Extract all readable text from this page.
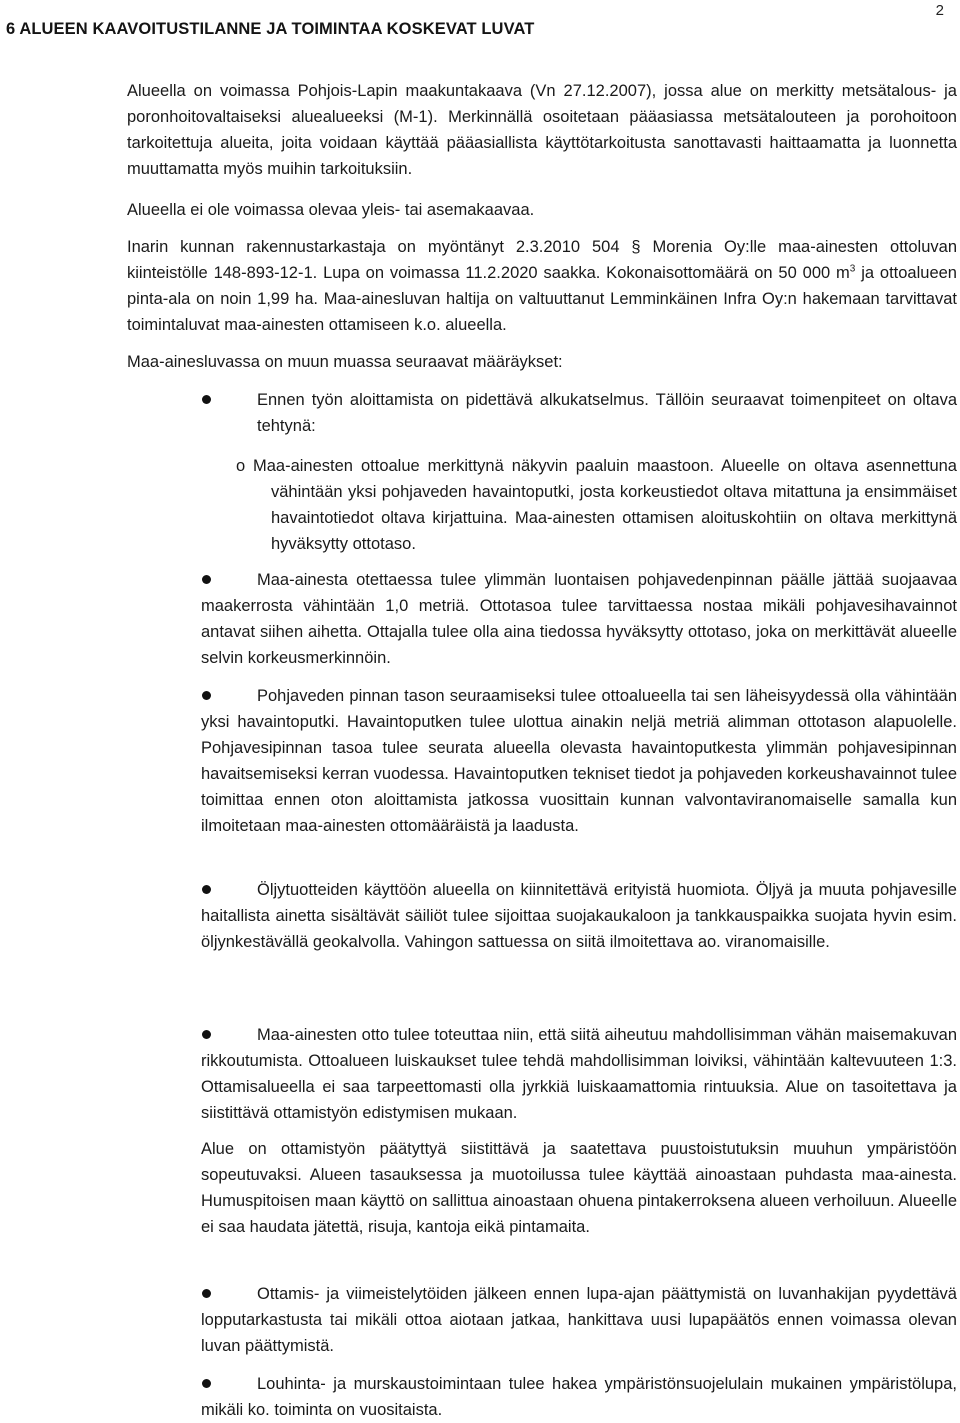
2
6 ALUEEN KAAVOITUSTILANNE JA TOIMINTAA KOSKEVAT LUVAT
Alueella on voimassa Pohjois-Lapin maakuntakaava (Vn 27.12.2007), jossa alue on merkitty metsätalous- ja poronhoitovaltaiseksi aluealueeksi (M-1). Merkinnällä osoitetaan pääasiassa metsätalouteen ja porohoitoon tarkoitettuja alueita, joita voidaan käyttää pääasiallista käyttötarkoitusta sanottavasti haittaamatta ja luonnetta muuttamatta myös muihin tarkoituksiin.
Alueella ei ole voimassa olevaa yleis- tai asemakaavaa.
Inarin kunnan rakennustarkastaja on myöntänyt 2.3.2010 504 § Morenia Oy:lle maa-ainesten ottoluvan kiinteistölle 148-893-12-1. Lupa on voimassa 11.2.2020 saakka. Kokonaisottomäärä on 50 000 $m^3$ ja ottoalueen pinta-ala on noin 1,99 ha. Maa-ainesluvan haltija on valtuuttanut Lemminkäinen Infra Oy:n hakemaan tarvittavat toimintaluvat maa-ainesten ottamiseen k.o. alueella.
Maa-ainesluvassa on muun muassa seuraavat määräykset:
Ennen työn aloittamista on pidettävä alkukatselmus. Tällöin seuraavat toimenpiteet on oltava tehtynä:
o Maa-ainesten ottoalue merkittynä näkyvin paaluin maastoon. Alueelle on oltava asennettuna vähintään yksi pohjaveden havaintoputki, josta korkeustiedot oltava mitattuna ja ensimmäiset havaintotiedot oltava kirjattuina. Maa-ainesten ottamisen aloituskohtiin on oltava merkittynä hyväksytty ottotaso.
Maa-ainesta otettaessa tulee ylimmän luontaisen pohjavedenpinnan päälle jättää suojaavaa maakerrosta vähintään 1,0 metriä. Ottotasoa tulee tarvittaessa nostaa mikäli pohjavesihavainnot antavat siihen aihetta. Ottajalla tulee olla aina tiedossa hyväksytty ottotaso, joka on merkittävät alueelle selvin korkeusmerkinnöin.
Pohjaveden pinnan tason seuraamiseksi tulee ottoalueella tai sen läheisyydessä olla vähintään yksi havaintoputki. Havaintoputken tulee ulottua ainakin neljä metriä alimman ottotason alapuolelle. Pohjavesipinnan tasoa tulee seurata alueella olevasta havaintoputkesta ylimmän pohjavesipinnan havaitsemiseksi kerran vuodessa. Havaintoputken tekniset tiedot ja pohjaveden korkeushavainnot tulee toimittaa ennen oton aloittamista jatkossa vuosittain kunnan valvontaviranomaiselle samalla kun ilmoitetaan maa-ainesten ottomääräistä ja laadusta.
Öljytuotteiden käyttöön alueella on kiinnitettävä erityistä huomiota. Öljyä ja muuta pohjavesille haitallista ainetta sisältävät säiliöt tulee sijoittaa suojakaukaloon ja tankkauspaikka suojata hyvin esim. öljynkestävällä geokalvolla. Vahingon sattuessa on siitä ilmoitettava ao. viranomaisille.
Maa-ainesten otto tulee toteuttaa niin, että siitä aiheutuu mahdollisimman vähän maisemakuvan rikkoutumista. Ottoalueen luiskaukset tulee tehdä mahdollisimman loiviksi, vähintään kaltevuuteen 1:3. Ottamisalueella ei saa tarpeettomasti olla jyrkkiä luiskaamattomia rintuuksia. Alue on tasoitettava ja siistittävä ottamistyön edistymisen mukaan.
Alue on ottamistyön päätyttyä siistittävä ja saatettava puustoistutuksin muuhun ympäristöön sopeutuvaksi. Alueen tasauksessa ja muotoilussa tulee käyttää ainoastaan puhdasta maa-ainesta. Humuspitoisen maan käyttö on sallittua ainoastaan ohuena pintakerroksena alueen verhoiluun. Alueelle ei saa haudata jätettä, risuja, kantoja eikä pintamaita.
Ottamis- ja viimeistelytöiden jälkeen ennen lupa-ajan päättymistä on luvanhakijan pyydettävä lopputarkastusta tai mikäli ottoa aiotaan jatkaa, hankittava uusi lupapäätös ennen voimassa olevan luvan päättymistä.
Louhinta- ja murskaustoimintaan tulee hakea ympäristönsuojelulain mukainen ympäristölupa, mikäli ko. toiminta on vuositaista.
